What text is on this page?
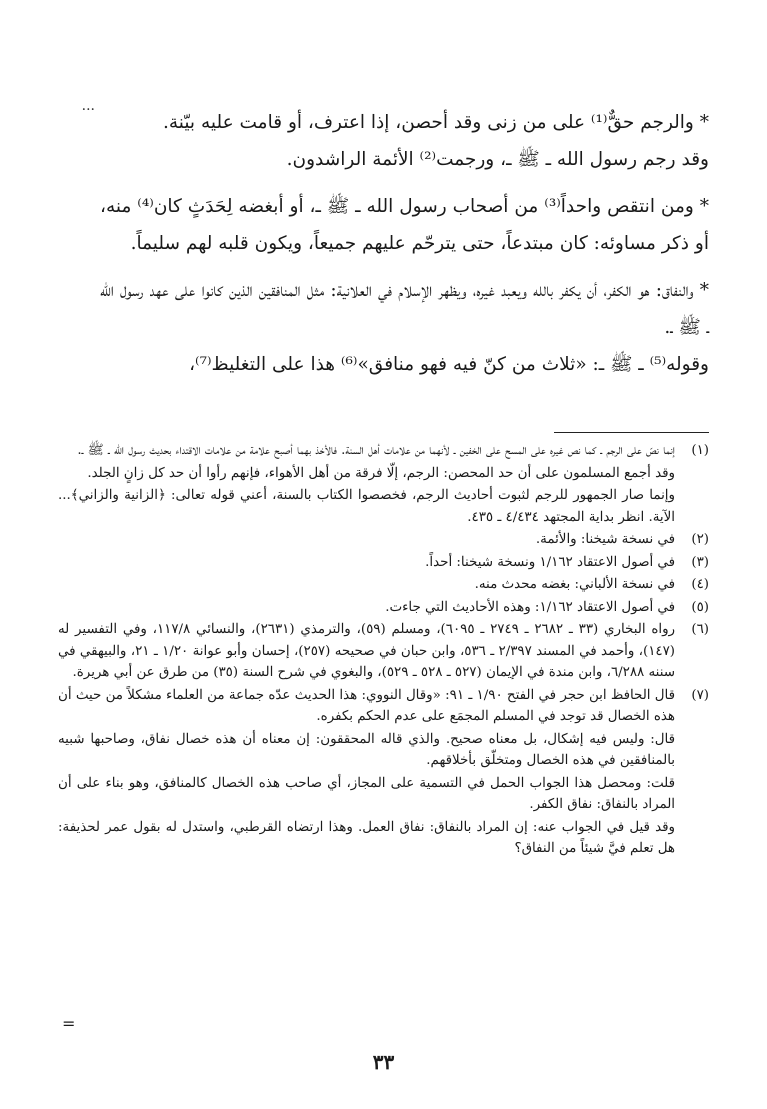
···

* والرجم حقٌّ⁽¹⁾ على من زنى وقد أحصن، إذا اعترف، أو قامت عليه بيّنة.

وقد رجم رسول الله ـ ﷺ ـ، ورجمت⁽²⁾ الأئمة الراشدون.

* ومن انتقص واحداً⁽³⁾ من أصحاب رسول الله ـ ﷺ ـ، أو أبغضه لِحَدَثٍ كان⁽⁴⁾ منه، أو ذكر مساوئه: كان مبتدعاً، حتى يترحّم عليهم جميعاً، ويكون قلبه لهم سليماً.

* والنفاق: هو الكفر، أن يكفر بالله ويعبد غيره، ويظهر الإسلام في العلانية: مثل المنافقين الذين كانوا على عهد رسول الله ـ ﷺ ـ.

وقوله⁽⁵⁾ ـ ﷺ ـ: «ثلاث من كنّ فيه فهو منافق»⁽⁶⁾ هذا على التغليظ⁽⁷⁾،

(١)
إنما نصّ على الرجم ـ كما نص غيره على المسح على الخفين ـ لأنهما من علامات أهل السنة. فالأخذ بهما أصبح علامة من علامات الاقتداء بحديث رسول الله ـ ﷺ ـ.
وقد أجمع المسلمون على أن حد المحصن: الرجم، إلّا فرقة من أهل الأهواء، فإنهم رأوا أن حد كل زانٍ الجلد.
وإنما صار الجمهور للرجم لثبوت أحاديث الرجم، فخصصوا الكتاب بالسنة، أعني قوله تعالى: ﴿الزانية والزاني﴾... الآية. انظر بداية المجتهد ٤/٤٣٤ ـ ٤٣٥.
(٢)
في نسخة شيخنا: والأئمة.
(٣)
في أصول الاعتقاد ١/١٦٢ ونسخة شيخنا: أحداً.
(٤)
في نسخة الألباني: بغضه محدث منه.
(٥)
في أصول الاعتقاد ١/١٦٢: وهذه الأحاديث التي جاءت.
(٦)
رواه البخاري (٣٣ ـ ٢٦٨٢ ـ ٢٧٤٩ ـ ٦٠٩٥)، ومسلم (٥٩)، والترمذي (٢٦٣١)، والنسائي ١١٧/٨، وفي التفسير له (١٤٧)، وأحمد في المسند ٢/٣٩٧ ـ ٥٣٦، وابن حبان في صحيحه (٢٥٧)، إحسان وأبو عوانة ١/٢٠ ـ ٢١، والبيهقي في سننه ٦/٢٨٨، وابن مندة في الإيمان (٥٢٧ ـ ٥٢٨ ـ ٥٢٩)، والبغوي في شرح السنة (٣٥) من طرق عن أبي هريرة.
(٧)
قال الحافظ ابن حجر في الفتح ١/٩٠ ـ ٩١: «وقال النووي: هذا الحديث عدّه جماعة من العلماء مشكلاً من حيث أن هذه الخصال قد توجد في المسلم المجمَع على عدم الحكم بكفره.
قال: وليس فيه إشكال، بل معناه صحيح. والذي قاله المحققون: إن معناه أن هذه خصال نفاق، وصاحبها شبيه بالمنافقين في هذه الخصال ومتخلّق بأخلاقهم.
قلت: ومحصل هذا الجواب الحمل في التسمية على المجاز، أي صاحب هذه الخصال كالمنافق، وهو بناء على أن المراد بالنفاق: نفاق الكفر.
وقد قيل في الجواب عنه: إن المراد بالنفاق: نفاق العمل. وهذا ارتضاه القرطبي، واستدل له بقول عمر لحذيفة: هل تعلم فيَّ شيئاً من النفاق؟
=
٣٣
